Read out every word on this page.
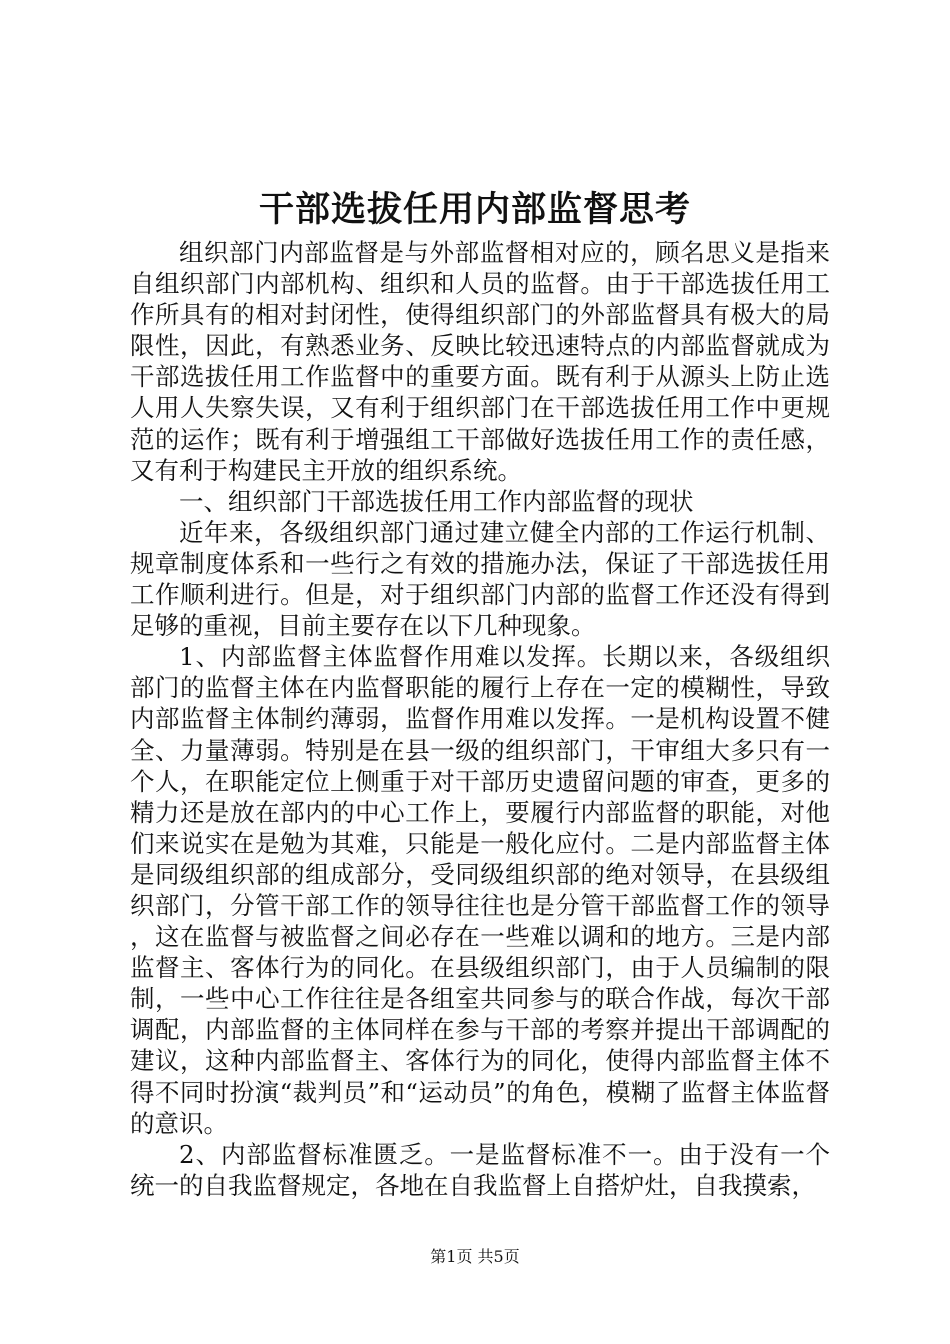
干部选拔任用内部监督思考

组织部门内部监督是与外部监督相对应的，顾名思义是指来自组织部门内部机构、组织和人员的监督。由于干部选拔任用工作所具有的相对封闭性，使得组织部门的外部监督具有极大的局限性，因此，有熟悉业务、反映比较迅速特点的内部监督就成为干部选拔任用工作监督中的重要方面。既有利于从源头上防止选人用人失察失误，又有利于组织部门在干部选拔任用工作中更规范的运作；既有利于增强组工干部做好选拔任用工作的责任感，又有利于构建民主开放的组织系统。

一、组织部门干部选拔任用工作内部监督的现状

近年来，各级组织部门通过建立健全内部的工作运行机制、规章制度体系和一些行之有效的措施办法，保证了干部选拔任用工作顺利进行。但是，对于组织部门内部的监督工作还没有得到足够的重视，目前主要存在以下几种现象。

1、内部监督主体监督作用难以发挥。长期以来，各级组织部门的监督主体在内监督职能的履行上存在一定的模糊性，导致内部监督主体制约薄弱，监督作用难以发挥。一是机构设置不健全、力量薄弱。特别是在县一级的组织部门，干审组大多只有一个人，在职能定位上侧重于对干部历史遗留问题的审查，更多的精力还是放在部内的中心工作上，要履行内部监督的职能，对他们来说实在是勉为其难，只能是一般化应付。二是内部监督主体是同级组织部的组成部分，受同级组织部的绝对领导，在县级组织部门，分管干部工作的领导往往也是分管干部监督工作的领导，这在监督与被监督之间必存在一些难以调和的地方。三是内部监督主、客体行为的同化。在县级组织部门，由于人员编制的限制，一些中心工作往往是各组室共同参与的联合作战，每次干部调配，内部监督的主体同样在参与干部的考察并提出干部调配的建议，这种内部监督主、客体行为的同化，使得内部监督主体不得不同时扮演“裁判员”和“运动员”的角色，模糊了监督主体监督的意识。

2、内部监督标准匮乏。一是监督标准不一。由于没有一个统一的自我监督规定，各地在自我监督上自搭炉灶，自我摸索，

第1页 共5页
